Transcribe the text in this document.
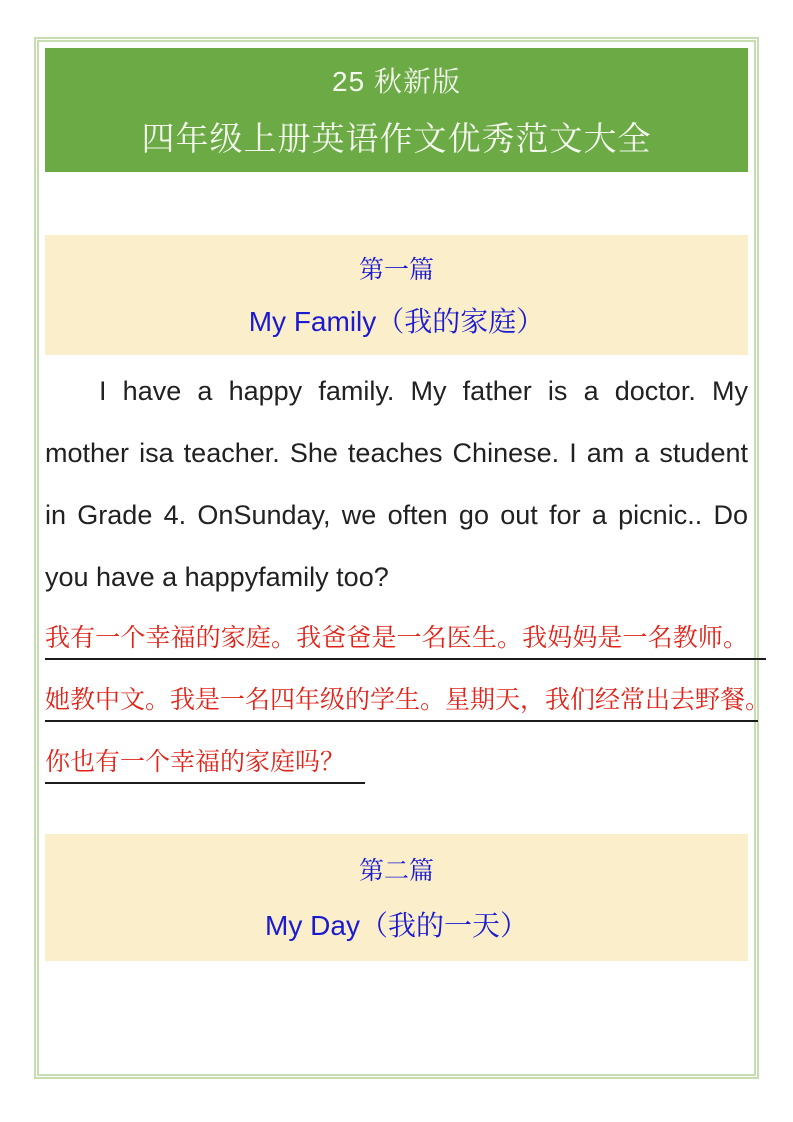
25 秋新版
四年级上册英语作文优秀范文大全
第一篇
My Family（我的家庭）
I have a happy family. My father is a doctor. My
mother isa teacher. She teaches Chinese. I am a student
in Grade 4. OnSunday, we often go out for a picnic.. Do
you have a happyfamily too?
我有一个幸福的家庭。我爸爸是一名医生。我妈妈是一名教师。
她教中文。我是一名四年级的学生。星期天，我们经常出去野餐。
你也有一个幸福的家庭吗？
第二篇
My Day（我的一天）
